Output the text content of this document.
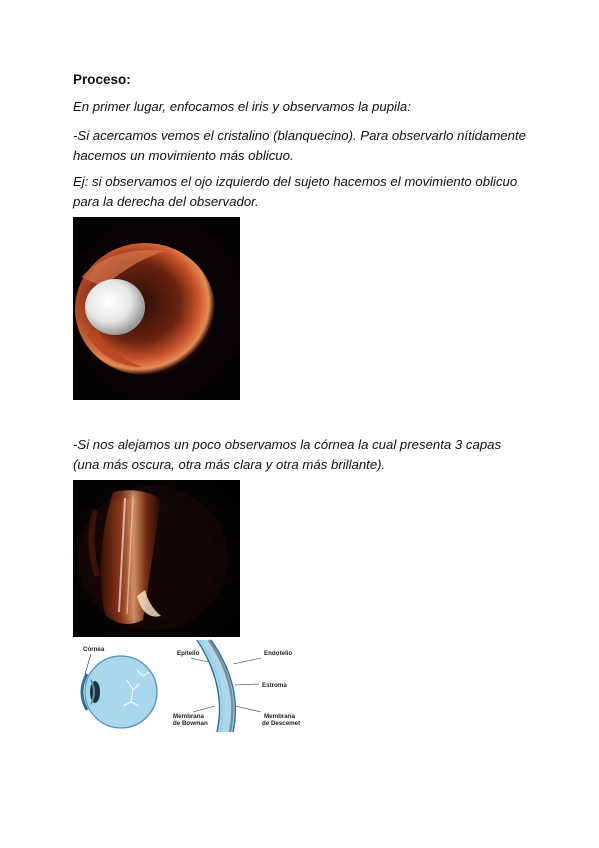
Proceso:
En primer lugar, enfocamos el iris y observamos la pupila:
-Si acercamos vemos el cristalino (blanquecino). Para observarlo nítidamente hacemos un movimiento más oblicuo.
Ej: si observamos el ojo izquierdo del sujeto hacemos el movimiento oblicuo para la derecha del observador.
-Si nos alejamos un poco observamos la córnea la cual presenta 3 capas (una más oscura, otra más clara y otra más brillante).
Córnea
Epitelio	Endotelio
Estroma
Membrana
de Bowman
Membrana
de Descemet
